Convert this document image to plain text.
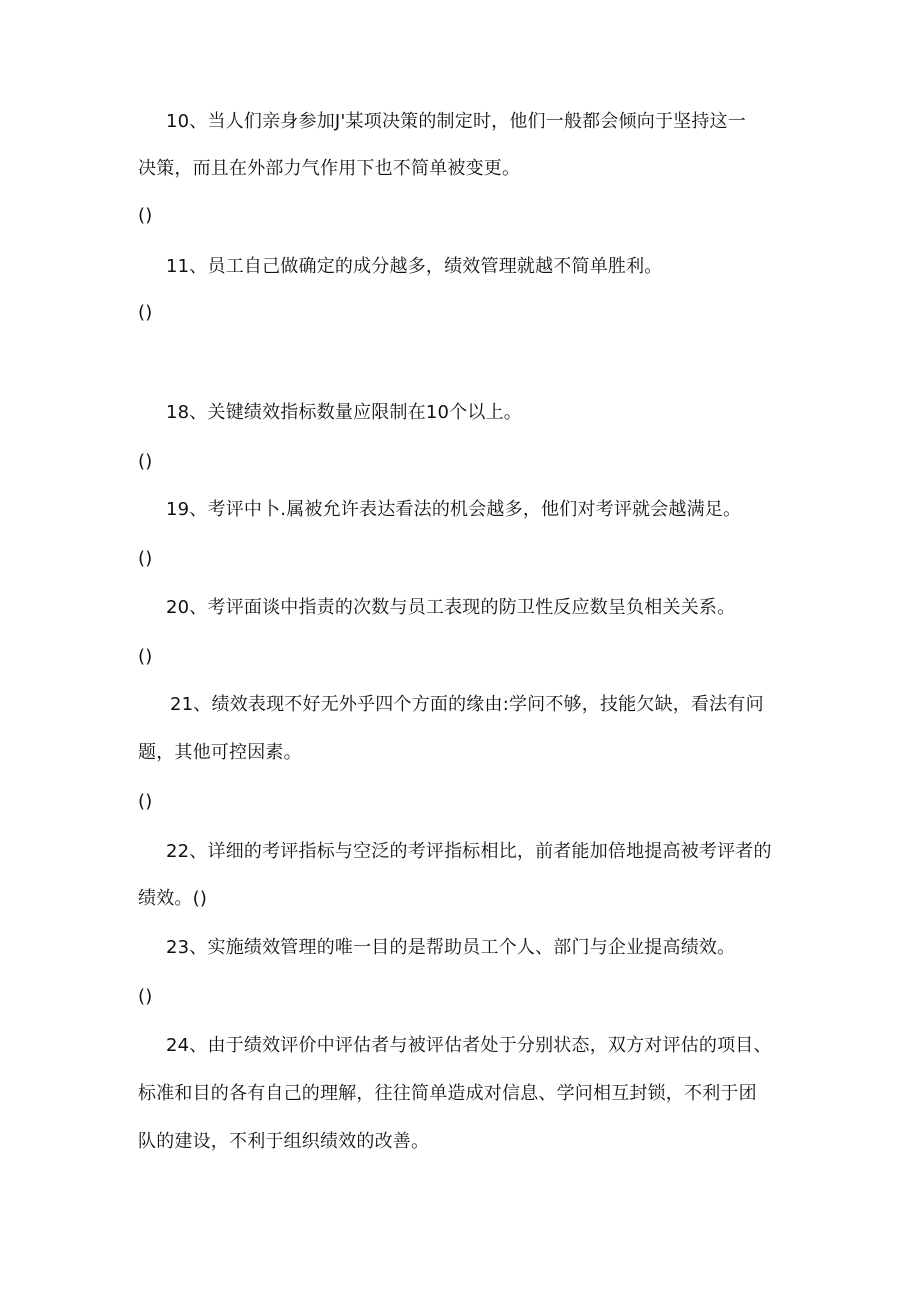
10、当人们亲身参加J'某项决策的制定时，他们一般都会倾向于坚持这一
决策，而且在外部力气作用下也不简单被变更。
()
11、员工自己做确定的成分越多，绩效管理就越不简单胜利。
()
18、关键绩效指标数量应限制在10个以上。
()
19、考评中卜.属被允许表达看法的机会越多，他们对考评就会越满足。
()
20、考评面谈中指责的次数与员工表现的防卫性反应数呈负相关关系。
()
21、绩效表现不好无外乎四个方面的缘由:学问不够，技能欠缺，看法有问
题，其他可控因素。
()
22、详细的考评指标与空泛的考评指标相比，前者能加倍地提高被考评者的
绩效。()
23、实施绩效管理的唯一目的是帮助员工个人、部门与企业提高绩效。
()
24、由于绩效评价中评估者与被评估者处于分别状态，双方对评估的项目、
标准和目的各有自己的理解，往往简单造成对信息、学问相互封锁，不利于团
队的建设，不利于组织绩效的改善。
